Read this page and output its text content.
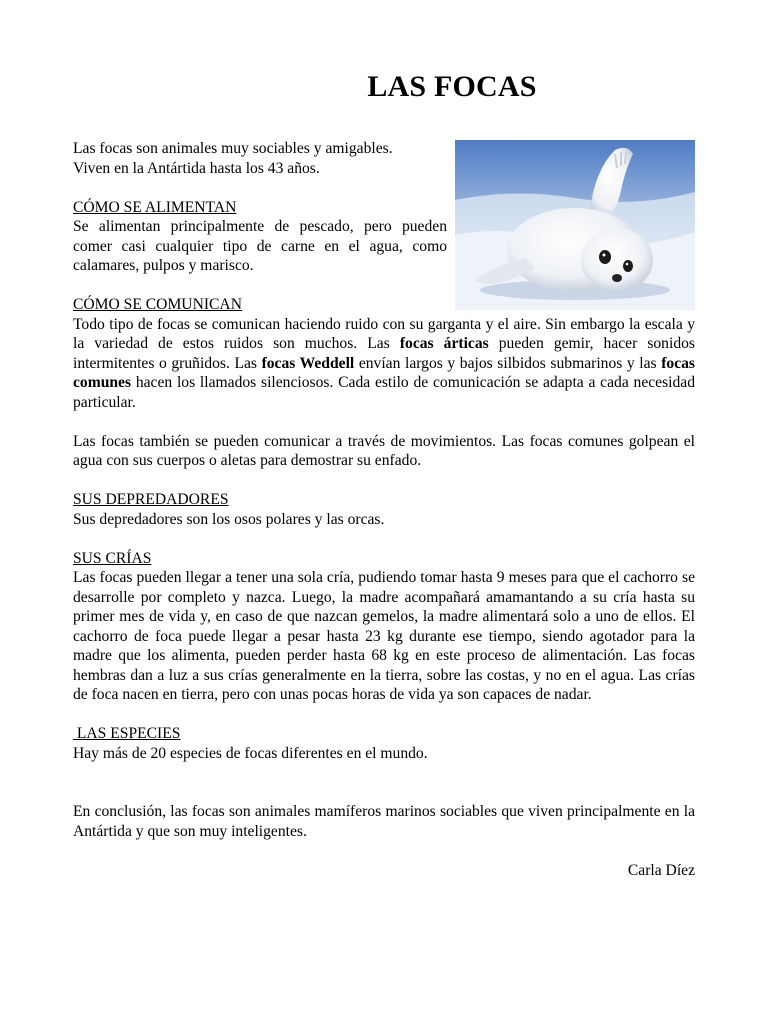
LAS FOCAS

Las focas son animales muy sociables y amigables.

Viven en la Antártida hasta los 43 años.

CÓMO SE ALIMENTAN

Se alimentan principalmente de pescado, pero pueden comer casi cualquier tipo de carne en el agua, como calamares, pulpos y marisco.

CÓMO SE COMUNICAN

Todo tipo de focas se comunican haciendo ruido con su garganta y el aire. Sin embargo la escala y la variedad de estos ruidos son muchos. Las focas árticas pueden gemir, hacer sonidos intermitentes o gruñidos. Las focas Weddell envían largos y bajos silbidos submarinos y las focas comunes hacen los llamados silenciosos. Cada estilo de comunicación se adapta a cada necesidad particular.

Las focas también se pueden comunicar a través de movimientos. Las focas comunes golpean el agua con sus cuerpos o aletas para demostrar su enfado.

SUS DEPREDADORES

Sus depredadores son los osos polares y las orcas.

SUS CRÍAS

Las focas pueden llegar a tener una sola cría, pudiendo tomar hasta 9 meses para que el cachorro se desarrolle por completo y nazca. Luego, la madre acompañará amamantando a su cría hasta su primer mes de vida y, en caso de que nazcan gemelos, la madre alimentará solo a uno de ellos. El cachorro de foca puede llegar a pesar hasta 23 kg durante ese tiempo, siendo agotador para la madre que los alimenta, pueden perder hasta 68 kg en este proceso de alimentación. Las focas hembras dan a luz a sus crías generalmente en la tierra, sobre las costas, y no en el agua. Las crías de foca nacen en tierra, pero con unas pocas horas de vida ya son capaces de nadar.

LAS ESPECIES

Hay más de 20 especies de focas diferentes en el mundo.

En conclusión, las focas son animales mamíferos marinos sociables que viven principalmente en la Antártida y que son muy inteligentes.

Carla Díez
